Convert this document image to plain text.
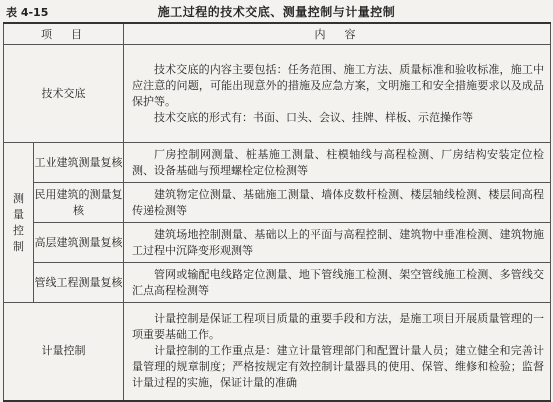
表 4-15	施工过程的技术交底、测量控制与计量控制
项　目		内　容
技术交底		技术交底的内容主要包括：任务范围、施工方法、质量标准和验收标准，施工中应注意的问题，可能出现意外的措施及应急方案，文明施工和安全措施要求以及成品保护等。

技术交底的形式有：书面、口头、会议、挂牌、样板、示范操作等

测量控制	工业建筑测量复核	厂房控制网测量、桩基施工测量、柱模轴线与高程检测、厂房结构安装定位检测、设备基础与预埋螺栓定位检测等

	民用建筑的测量复核	建筑物定位测量、基础施工测量、墙体皮数杆检测、楼层轴线检测、楼层间高程传递检测等

	高层建筑测量复核	建筑场地控制测量、基础以上的平面与高程控制、建筑物中垂准检测、建筑物施工过程中沉降变形观测等

	管线工程测量复核	管网或输配电线路定位测量、地下管线施工检测、架空管线施工检测、多管线交汇点高程检测等

计量控制		计量控制是保证工程项目质量的重要手段和方法，是施工项目开展质量管理的一项重要基础工作。

计量控制的工作重点是：建立计量管理部门和配置计量人员；建立健全和完善计量管理的规章制度；严格按规定有效控制计量器具的使用、保管、维修和检验；监督计量过程的实施，保证计量的准确
